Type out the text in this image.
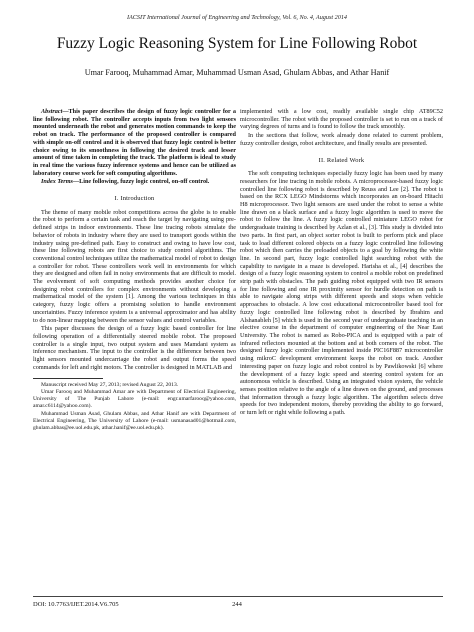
IACSIT International Journal of Engineering and Technology, Vol. 6, No. 4, August 2014
Fuzzy Logic Reasoning System for Line Following Robot
Umar Farooq, Muhammad Amar, Muhammad Usman Asad, Ghulam Abbas, and Athar Hanif

Abstract—This paper describes the design of fuzzy logic controller for a line following robot. The controller accepts inputs from two light sensors mounted underneath the robot and generates motion commands to keep the robot on track. The performance of the proposed controller is compared with simple on-off control and it is observed that fuzzy logic control is better choice owing to its smoothness in following the desired track and lesser amount of time taken in completing the track. The platform is ideal to study in real time the various fuzzy inference systems and hence can be utilized as laboratory course work for soft computing algorithms.

Index Terms—Line following, fuzzy logic control, on-off control.

I. Introduction

The theme of many mobile robot competitions across the globe is to enable the robot to perform a certain task and reach the target by navigating using pre-defined strips in indoor environments. These line tracing robots simulate the behavior of robots in industry where they are used to transport goods within the industry using pre-defined path. Easy to construct and owing to have low cost, these line following robots are first choice to study control algorithms. The conventional control techniques utilize the mathematical model of robot to design a controller for robot. These controllers work well in environments for which they are designed and often fail in noisy environments that are difficult to model. The evolvement of soft computing methods provides another choice for designing robot controllers for complex environments without developing a mathematical model of the system [1]. Among the various techniques in this category, fuzzy logic offers a promising solution to handle environment uncertainties. Fuzzy inference system is a universal approximator and has ability to do non-linear mapping between the sensor values and control variables.

This paper discusses the design of a fuzzy logic based controller for line following operation of a differentially steered mobile robot. The proposed controller is a single input, two output system and uses Mamdani system as inference mechanism. The input to the controller is the difference between two light sensors mounted undercarriage the robot and output forms the speed commands for left and right motors. The controller is designed in MATLAB and

Manuscript received May 27, 2013; revised August 22, 2013.

Umar Farooq and Muhammad Amar are with Department of Electrical Engineering, University of The Punjab Lahore (e-mail: engr.umarfarooq@yahoo.com, amar.c6114@yahoo.com).

Muhammad Usman Asad, Ghulam Abbas, and Athar Hanif are with Department of Electrical Engineering, The University of Lahore (e-mail: usmanasad01@hotmail.com, ghulam.abbas@ee.uol.edu.pk, athar.hanif@ee.uol.edu.pk).

implemented with a low cost, readily available single chip AT89C52 microcontroller. The robot with the proposed controller is set to run on a track of varying degrees of turns and is found to follow the track smoothly.

In the sections that follow, work already done related to current problem, fuzzy controller design, robot architecture, and finally results are presented.

II. Related Work

The soft computing techniques especially fuzzy logic has been used by many researchers for line tracing in mobile robots. A microprocessor-based fuzzy logic controlled line following robot is described by Reuss and Lee [2]. The robot is based on the RCX LEGO Mindstorms which incorporates an on-board Hitachi H8 microprocessor. Two light sensors are used under the robot to sense a white line drawn on a black surface and a fuzzy logic algorithm is used to move the robot to follow the line. A fuzzy logic controlled miniature LEGO robot for undergraduate training is described by Azlan et al., [3]. This study is divided into two parts. In first part, an object sorter robot is built to perform pick and place task to load different colored objects on a fuzzy logic controlled line following robot which then carries the preloaded objects to a goal by following the white line. In second part, fuzzy logic controlled light searching robot with the capability to navigate in a maze is developed. Harisha et al., [4] describes the design of a fuzzy logic reasoning system to control a mobile robot on predefined strip path with obstacles. The path guiding robot equipped with two IR sensors for line following and one IR proximity sensor for hurdle detection on path is able to navigate along strips with different speeds and stops when vehicle approaches to obstacle. A low cost educational microcontroller based tool for fuzzy logic controlled line following robot is described by Ibrahim and Alshanableh [5] which is used in the second year of undergraduate teaching in an elective course in the department of computer engineering of the Near East University. The robot is named as Robo-PICA and is equipped with a pair of infrared reflectors mounted at the bottom and at both corners of the robot. The designed fuzzy logic controller implemented inside PIC16F887 microcontroller using mikroC development environment keeps the robot on track. Another interesting paper on fuzzy logic and robot control is by Pawlikowski [6] where the development of a fuzzy logic speed and steering control system for an autonomous vehicle is described. Using an integrated vision system, the vehicle senses position relative to the angle of a line drawn on the ground, and processes that information through a fuzzy logic algorithm. The algorithm selects drive speeds for two independent motors, thereby providing the ability to go forward, or turn left or right while following a path.

DOI: 10.7763/IJET.2014.V6.705	244
